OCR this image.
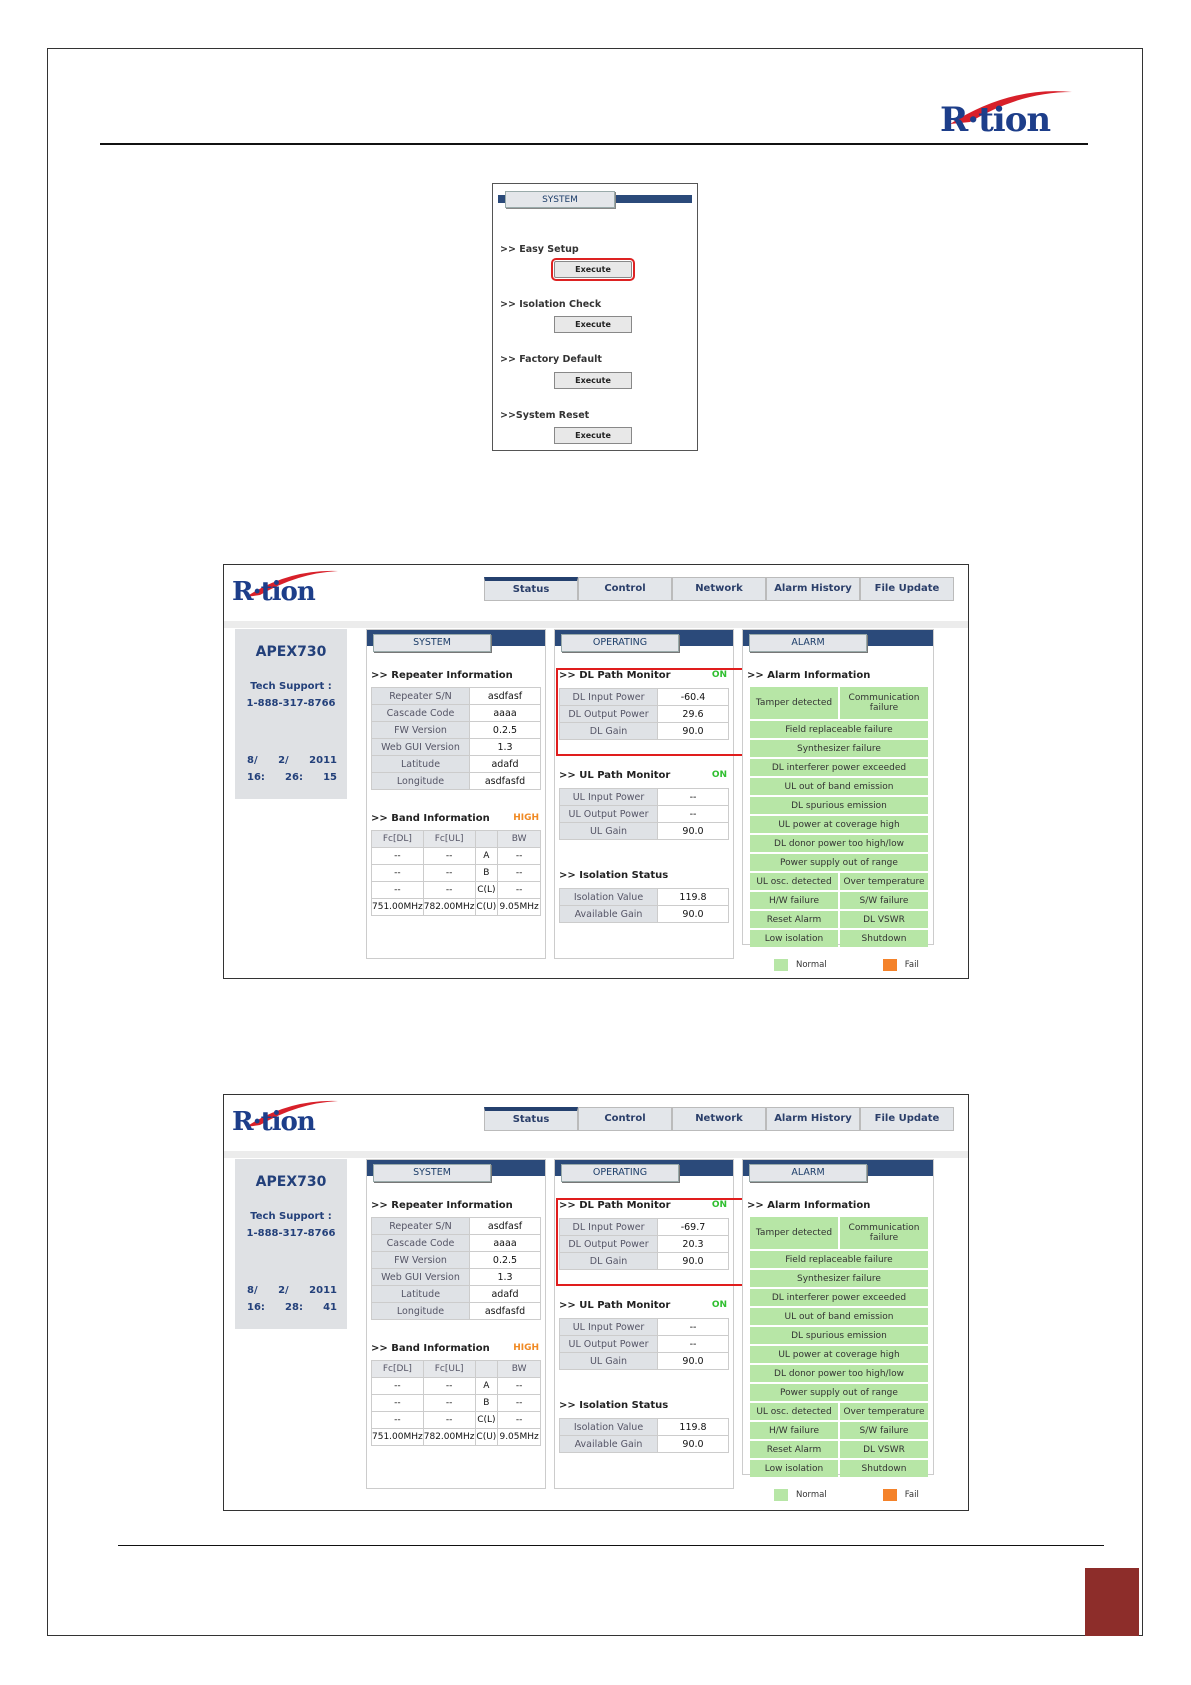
R·tion
SYSTEM
>> Easy Setup
Execute
>> Isolation Check
Execute
>> Factory Default
Execute
>>System Reset
Execute
R·tion	Status	Control	Network	Alarm History	File Update
APEX730
Tech Support :
1-888-317-8766
8/ 2/ 2011
16: 26: 15
SYSTEM
>> Repeater Information
Repeater S/N	asdfasf
Cascade Code	aaaa
FW Version	0.2.5
Web GUI Version	1.3
Latitude	adafd
Longitude	asdfasfd
>> Band Information	HIGH
Fc[DL]	Fc[UL]		BW
--	--	A	--
--	--	B	--
--	--	C(L)	--
751.00MHz	782.00MHz	C(U)	9.05MHz
OPERATING
>> DL Path Monitor	ON
DL Input Power	-60.4
DL Output Power	29.6
DL Gain	90.0
>> UL Path Monitor	ON
UL Input Power	--
UL Output Power	--
UL Gain	90.0
>> Isolation Status
Isolation Value	119.8
Available Gain	90.0
ALARM
>> Alarm Information
Tamper detected	Communication failure
Field replaceable failure
Synthesizer failure
DL interferer power exceeded
UL out of band emission
DL spurious emission
UL power at coverage high
DL donor power too high/low
Power supply out of range
UL osc. detected	Over temperature
H/W failure	S/W failure
Reset Alarm	DL VSWR
Low isolation	Shutdown
Normal	Fail
R·tion	Status	Control	Network	Alarm History	File Update
APEX730
Tech Support :
1-888-317-8766
8/ 2/ 2011
16: 28: 41
SYSTEM
>> Repeater Information
Repeater S/N	asdfasf
Cascade Code	aaaa
FW Version	0.2.5
Web GUI Version	1.3
Latitude	adafd
Longitude	asdfasfd
>> Band Information	HIGH
Fc[DL]	Fc[UL]		BW
--	--	A	--
--	--	B	--
--	--	C(L)	--
751.00MHz	782.00MHz	C(U)	9.05MHz
OPERATING
>> DL Path Monitor	ON
DL Input Power	-69.7
DL Output Power	20.3
DL Gain	90.0
>> UL Path Monitor	ON
UL Input Power	--
UL Output Power	--
UL Gain	90.0
>> Isolation Status
Isolation Value	119.8
Available Gain	90.0
ALARM
>> Alarm Information
Tamper detected	Communication failure
Field replaceable failure
Synthesizer failure
DL interferer power exceeded
UL out of band emission
DL spurious emission
UL power at coverage high
DL donor power too high/low
Power supply out of range
UL osc. detected	Over temperature
H/W failure	S/W failure
Reset Alarm	DL VSWR
Low isolation	Shutdown
Normal	Fail
